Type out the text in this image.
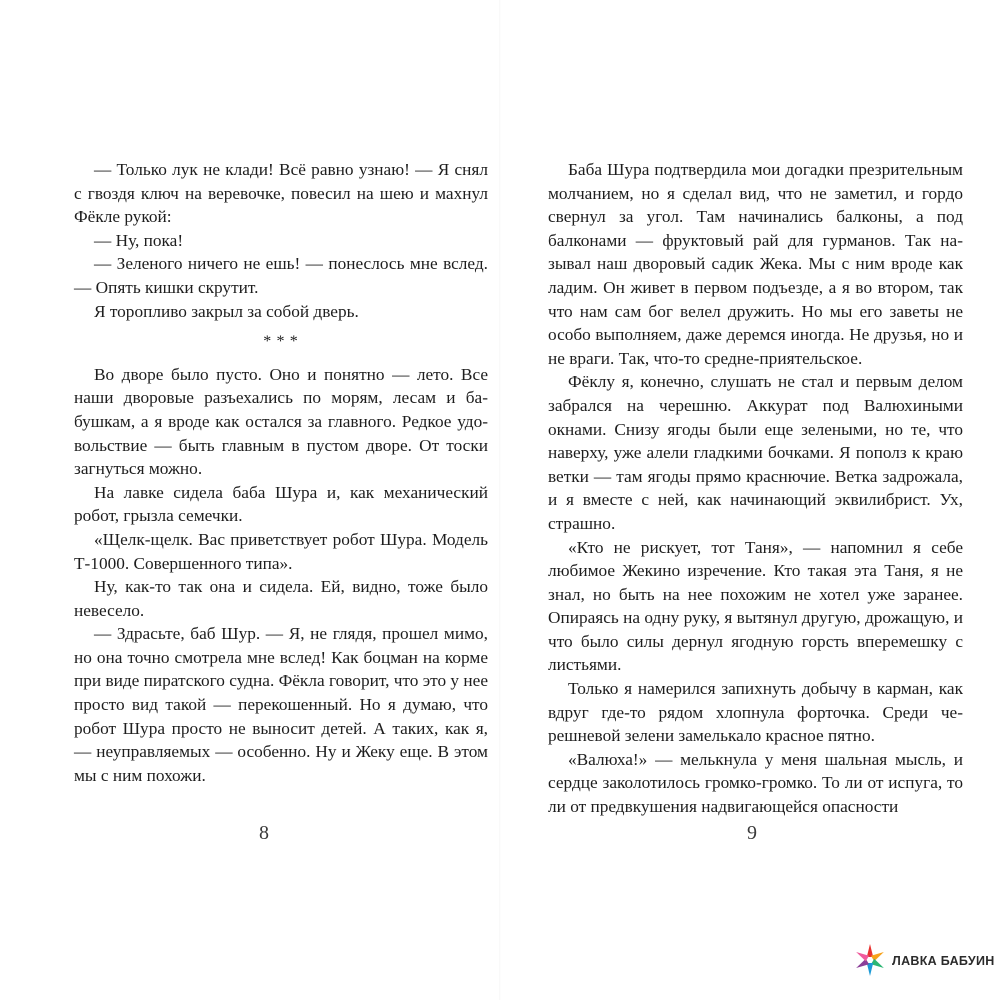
— Только лук не клади! Всё равно узнаю! — Я снял с гвоздя ключ на веревочке, повесил на шею и махнул Фёкле рукой:

— Ну, пока!

— Зеленого ничего не ешь! — понеслось мне вслед. — Опять кишки скрутит.

Я торопливо закрыл за собой дверь.

* * *

Во дворе было пусто. Оно и понятно — лето. Все наши дворовые разъехались по морям, лесам и бабушкам, а я вроде как остался за главного. Редкое удовольствие — быть главным в пустом дворе. От тоски загнуться можно.

На лавке сидела баба Шура и, как механический робот, грызла семечки.

«Щелк-щелк. Вас приветствует робот Шура. Модель Т-1000. Совершенного типа».

Ну, как-то так она и сидела. Ей, видно, тоже было невесело.

— Здрасьте, баб Шур. — Я, не глядя, прошел мимо, но она точно смотрела мне вслед! Как боцман на корме при виде пиратского судна. Фёкла говорит, что это у нее просто вид такой — перекошенный. Но я думаю, что робот Шура просто не выносит детей. А таких, как я, — неуправляемых — особенно. Ну и Жеку еще. В этом мы с ним похожи.

8

Баба Шура подтвердила мои догадки презрительным молчанием, но я сделал вид, что не заметил, и гордо свернул за угол. Там начинались балконы, а под балконами — фруктовый рай для гурманов. Так называл наш дворовый садик Жека. Мы с ним вроде как ладим. Он живет в первом подъезде, а я во втором, так что нам сам бог велел дружить. Но мы его заветы не особо выполняем, даже деремся иногда. Не друзья, но и не враги. Так, что-то средне-приятельское.

Фёклу я, конечно, слушать не стал и первым делом забрался на черешню. Аккурат под Валюхиными окнами. Снизу ягоды были еще зелеными, но те, что наверху, уже алели гладкими бочками. Я пополз к краю ветки — там ягоды прямо краснючие. Ветка задрожала, и я вместе с ней, как начинающий эквилибрист. Ух, страшно.

«Кто не рискует, тот Таня», — напомнил я себе любимое Жекино изречение. Кто такая эта Таня, я не знал, но быть на нее похожим не хотел уже заранее. Опираясь на одну руку, я вытянул другую, дрожащую, и что было силы дернул ягодную горсть вперемешку с листьями.

Только я намерился запихнуть добычу в карман, как вдруг где-то рядом хлопнула форточка. Среди черешневой зелени замелькало красное пятно.

«Валюха!» — мелькнула у меня шальная мысль, и сердце заколотилось громко-громко. То ли от испуга, то ли от предвкушения надвигающейся опасности

9
ЛАВКА БАБУИН
